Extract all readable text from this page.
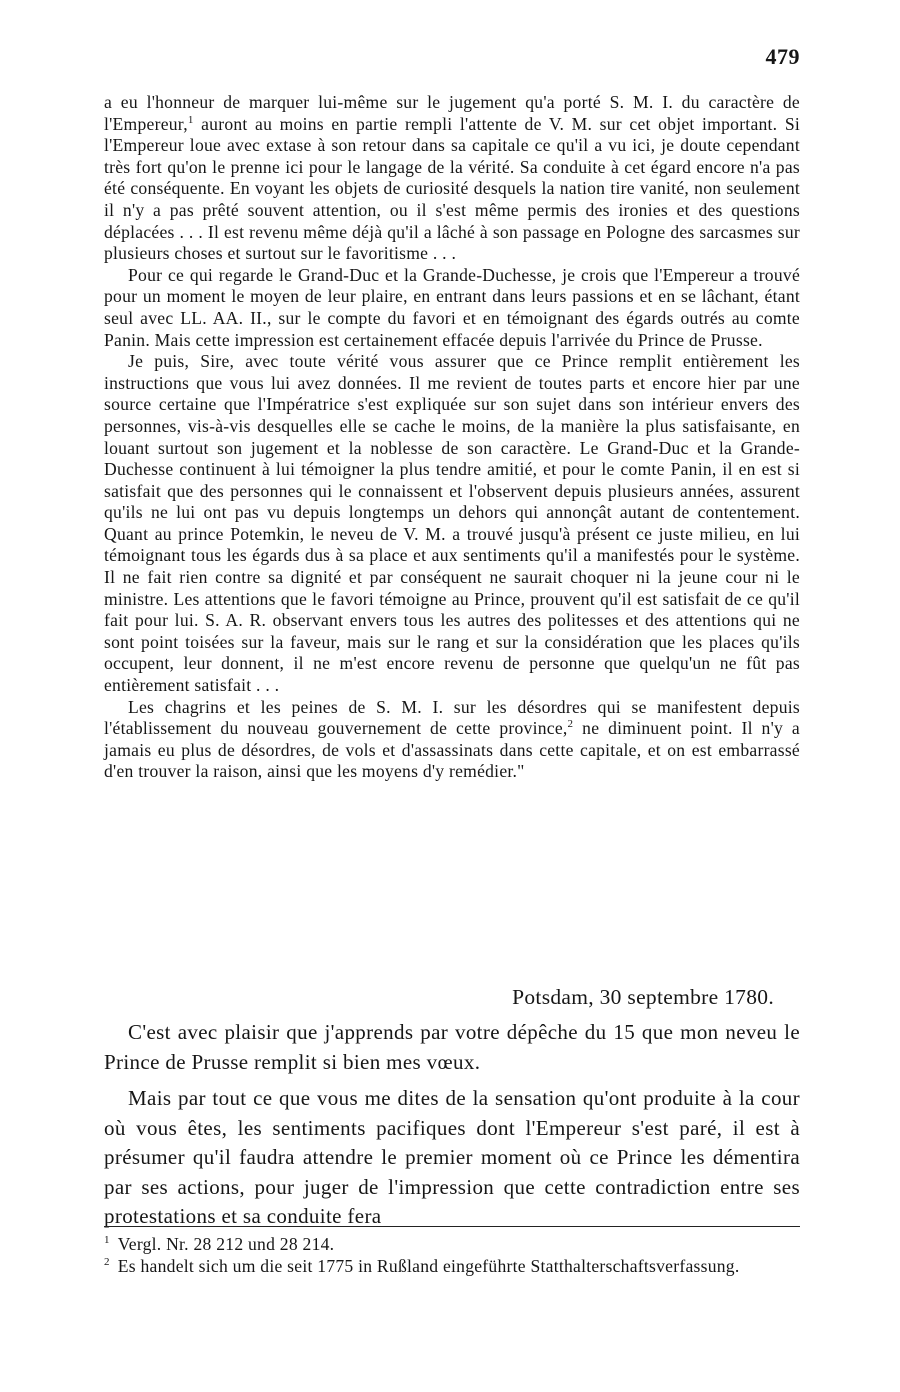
479

a eu l'honneur de marquer lui-même sur le jugement qu'a porté S. M. I. du caractère de l'Empereur,$^1$ auront au moins en partie rempli l'attente de V. M. sur cet objet important. Si l'Empereur loue avec extase à son retour dans sa capitale ce qu'il a vu ici, je doute cependant très fort qu'on le prenne ici pour le langage de la vérité. Sa conduite à cet égard encore n'a pas été conséquente. En voyant les objets de curiosité desquels la nation tire vanité, non seulement il n'y a pas prêté souvent attention, ou il s'est même permis des ironies et des questions déplacées . . . Il est revenu même déjà qu'il a lâché à son passage en Pologne des sarcasmes sur plusieurs choses et surtout sur le favoritisme . . .

Pour ce qui regarde le Grand-Duc et la Grande-Duchesse, je crois que l'Empereur a trouvé pour un moment le moyen de leur plaire, en entrant dans leurs passions et en se lâchant, étant seul avec LL. AA. II., sur le compte du favori et en témoignant des égards outrés au comte Panin. Mais cette impression est certainement effacée depuis l'arrivée du Prince de Prusse.

Je puis, Sire, avec toute vérité vous assurer que ce Prince remplit entièrement les instructions que vous lui avez données. Il me revient de toutes parts et encore hier par une source certaine que l'Impératrice s'est expliquée sur son sujet dans son intérieur envers des personnes, vis-à-vis desquelles elle se cache le moins, de la manière la plus satisfaisante, en louant surtout son jugement et la noblesse de son caractère. Le Grand-Duc et la Grande-Duchesse continuent à lui témoigner la plus tendre amitié, et pour le comte Panin, il en est si satisfait que des personnes qui le connaissent et l'observent depuis plusieurs années, assurent qu'ils ne lui ont pas vu depuis longtemps un dehors qui annonçât autant de contentement. Quant au prince Potemkin, le neveu de V. M. a trouvé jusqu'à présent ce juste milieu, en lui témoignant tous les égards dus à sa place et aux sentiments qu'il a manifestés pour le système. Il ne fait rien contre sa dignité et par conséquent ne saurait choquer ni la jeune cour ni le ministre. Les attentions que le favori témoigne au Prince, prouvent qu'il est satisfait de ce qu'il fait pour lui. S. A. R. observant envers tous les autres des politesses et des attentions qui ne sont point toisées sur la faveur, mais sur le rang et sur la considération que les places qu'ils occupent, leur donnent, il ne m'est encore revenu de personne que quelqu'un ne fût pas entièrement satisfait . . .

Les chagrins et les peines de S. M. I. sur les désordres qui se manifestent depuis l'établissement du nouveau gouvernement de cette province,$^2$ ne diminuent point. Il n'y a jamais eu plus de désordres, de vols et d'assassinats dans cette capitale, et on est embarrassé d'en trouver la raison, ainsi que les moyens d'y remédier."

Potsdam, 30 septembre 1780.

C'est avec plaisir que j'apprends par votre dépêche du 15 que mon neveu le Prince de Prusse remplit si bien mes vœux.

Mais par tout ce que vous me dites de la sensation qu'ont produite à la cour où vous êtes, les sentiments pacifiques dont l'Empereur s'est paré, il est à présumer qu'il faudra attendre le premier moment où ce Prince les démentira par ses actions, pour juger de l'impression que cette contradiction entre ses protestations et sa conduite fera

$^1$ Vergl. Nr. 28 212 und 28 214.

$^2$ Es handelt sich um die seit 1775 in Rußland eingeführte Statthalterschaftsverfassung.
